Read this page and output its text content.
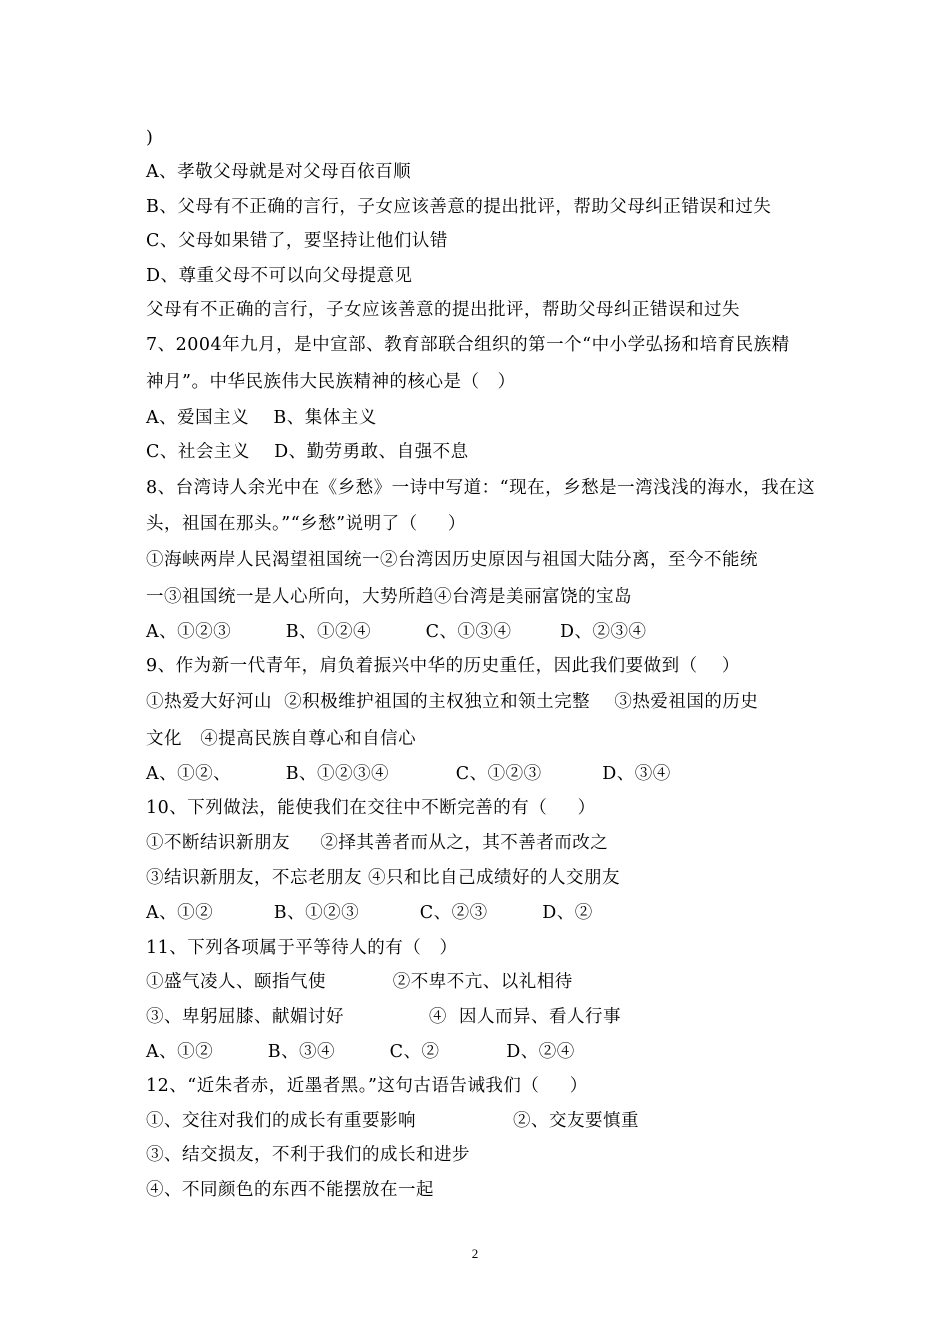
)
A、孝敬父母就是对父母百依百顺
B、父母有不正确的言行，子女应该善意的提出批评，帮助父母纠正错误和过失
C、父母如果错了，要坚持让他们认错
D、尊重父母不可以向父母提意见
父母有不正确的言行，子女应该善意的提出批评，帮助父母纠正错误和过失
7、2004年九月，是中宣部、教育部联合组织的第一个“中小学弘扬和培育民族精
神月”。中华民族伟大民族精神的核心是（   ）
A、爱国主义    B、集体主义
C、社会主义    D、勤劳勇敢、自强不息
8、台湾诗人余光中在《乡愁》一诗中写道：“现在，乡愁是一湾浅浅的海水，我在这
头，祖国在那头。”“乡愁”说明了（     ）
①海峡两岸人民渴望祖国统一②台湾因历史原因与祖国大陆分离，至今不能统
一③祖国统一是人心所向，大势所趋④台湾是美丽富饶的宝岛
A、①②③         B、①②④         C、①③④        D、②③④
9、作为新一代青年，肩负着振兴中华的历史重任，因此我们要做到（    ）
①热爱大好河山  ②积极维护祖国的主权独立和领土完整    ③热爱祖国的历史
文化   ④提高民族自尊心和自信心
A、①②、         B、①②③④           C、①②③          D、③④
10、下列做法，能使我们在交往中不断完善的有（     ）
①不断结识新朋友     ②择其善者而从之，其不善者而改之
③结识新朋友，不忘老朋友 ④只和比自己成绩好的人交朋友
A、①②          B、①②③          C、②③         D、②
11、下列各项属于平等待人的有（   ）
①盛气凌人、颐指气使           ②不卑不亢、以礼相待
③、卑躬屈膝、献媚讨好              ④  因人而异、看人行事
A、①②         B、③④         C、②           D、②④
12、“近朱者赤，近墨者黑。”这句古语告诫我们（     ）
①、交往对我们的成长有重要影响                ②、交友要慎重
③、结交损友，不利于我们的成长和进步
④、不同颜色的东西不能摆放在一起
2
